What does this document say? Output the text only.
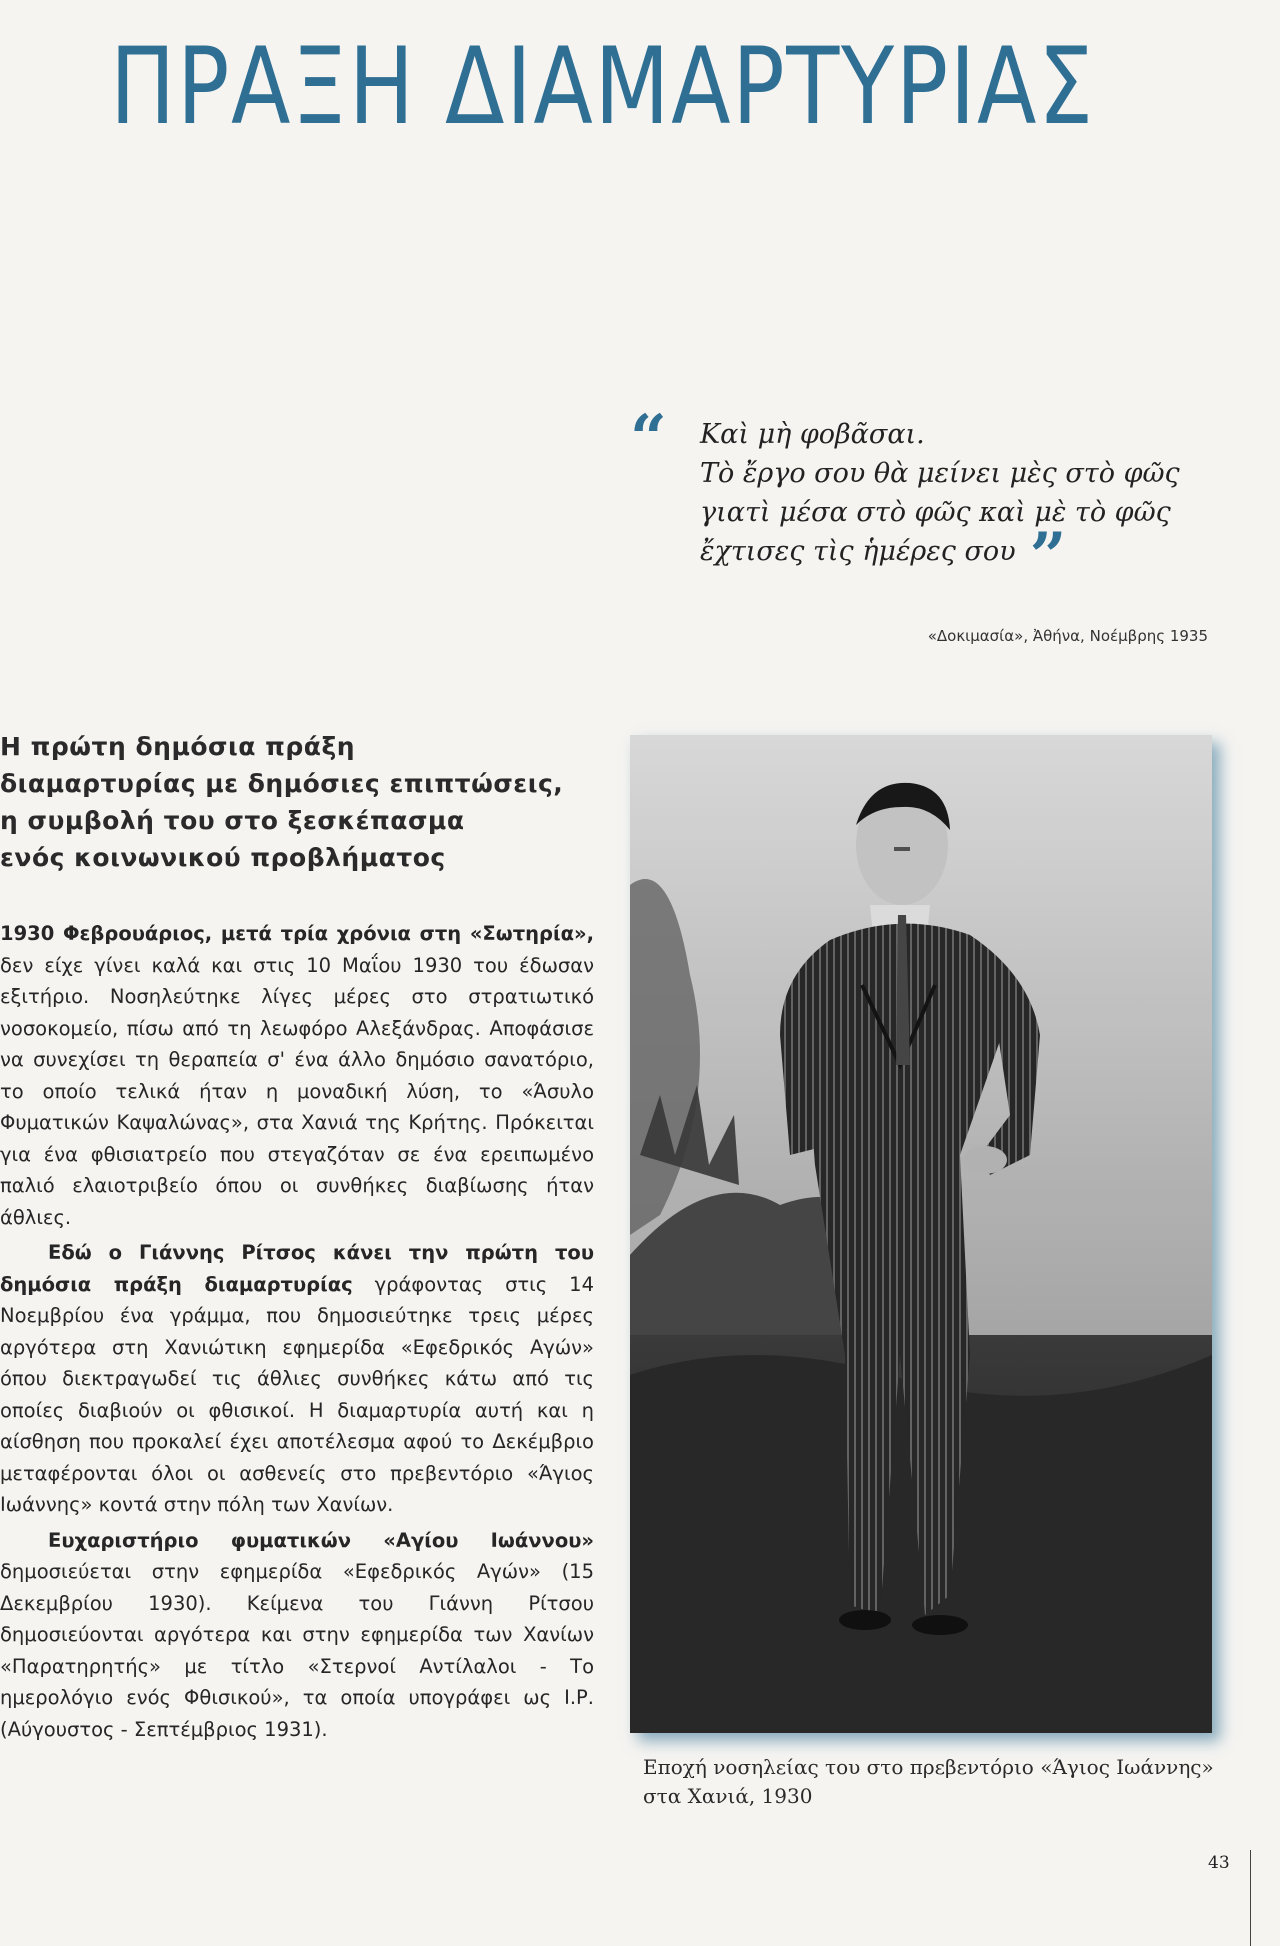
ΠΡΑΞΗ ΔΙΑΜΑΡΤΥΡΙΑΣ
“ Καὶ μὴ φοβᾶσαι.
Τὸ ἔργο σου θὰ μείνει μὲς στὸ φῶς
γιατὶ μέσα στὸ φῶς καὶ μὲ τὸ φῶς
ἔχτισες τὶς ἡμέρες σου ”
«Δοκιμασία», Ἀθήνα, Νοέμβρης 1935
Η πρώτη δημόσια πράξη
διαμαρτυρίας με δημόσιες επιπτώσεις,
η συμβολή του στο ξεσκέπασμα
ενός κοινωνικού προβλήματος

1930 Φεβρουάριος, μετά τρία χρόνια στη «Σωτηρία», δεν είχε γίνει καλά και στις 10 Μαΐου 1930 του έδωσαν εξιτήριο. Νοσηλεύτηκε λίγες μέρες στο στρατιωτικό νοσοκομείο, πίσω από τη λεωφόρο Αλεξάνδρας. Αποφάσισε να συνεχίσει τη θεραπεία σ' ένα άλλο δημόσιο σανατόριο, το οποίο τελικά ήταν η μοναδική λύση, το «Άσυλο Φυματικών Καψαλώνας», στα Χανιά της Κρήτης. Πρόκειται για ένα φθισιατρείο που στεγαζόταν σε ένα ερειπωμένο παλιό ελαιοτριβείο όπου οι συνθήκες διαβίωσης ήταν άθλιες.

Εδώ ο Γιάννης Ρίτσος κάνει την πρώτη του δημόσια πράξη διαμαρτυρίας γράφοντας στις 14 Νοεμβρίου ένα γράμμα, που δημοσιεύτηκε τρεις μέρες αργότερα στη Χανιώτικη εφημερίδα «Εφεδρικός Αγών» όπου διεκτραγωδεί τις άθλιες συνθήκες κάτω από τις οποίες διαβιούν οι φθισικοί. Η διαμαρτυρία αυτή και η αίσθηση που προκαλεί έχει αποτέλεσμα αφού το Δεκέμβριο μεταφέρονται όλοι οι ασθενείς στο πρεβεντόριο «Άγιος Ιωάννης» κοντά στην πόλη των Χανίων.

Ευχαριστήριο φυματικών «Αγίου Ιωάννου» δημοσιεύεται στην εφημερίδα «Εφεδρικός Αγών» (15 Δεκεμβρίου 1930). Κείμενα του Γιάννη Ρίτσου δημοσιεύονται αργότερα και στην εφημερίδα των Χανίων «Παρατηρητής» με τίτλο «Στερνοί Αντίλαλοι - Το ημερολόγιο ενός Φθισικού», τα οποία υπογράφει ως Ι.Ρ. (Αύγουστος - Σεπτέμβριος 1931).

Εποχή νοσηλείας του στο πρεβεντόριο «Άγιος Ιωάννης» στα Χανιά, 1930
43
